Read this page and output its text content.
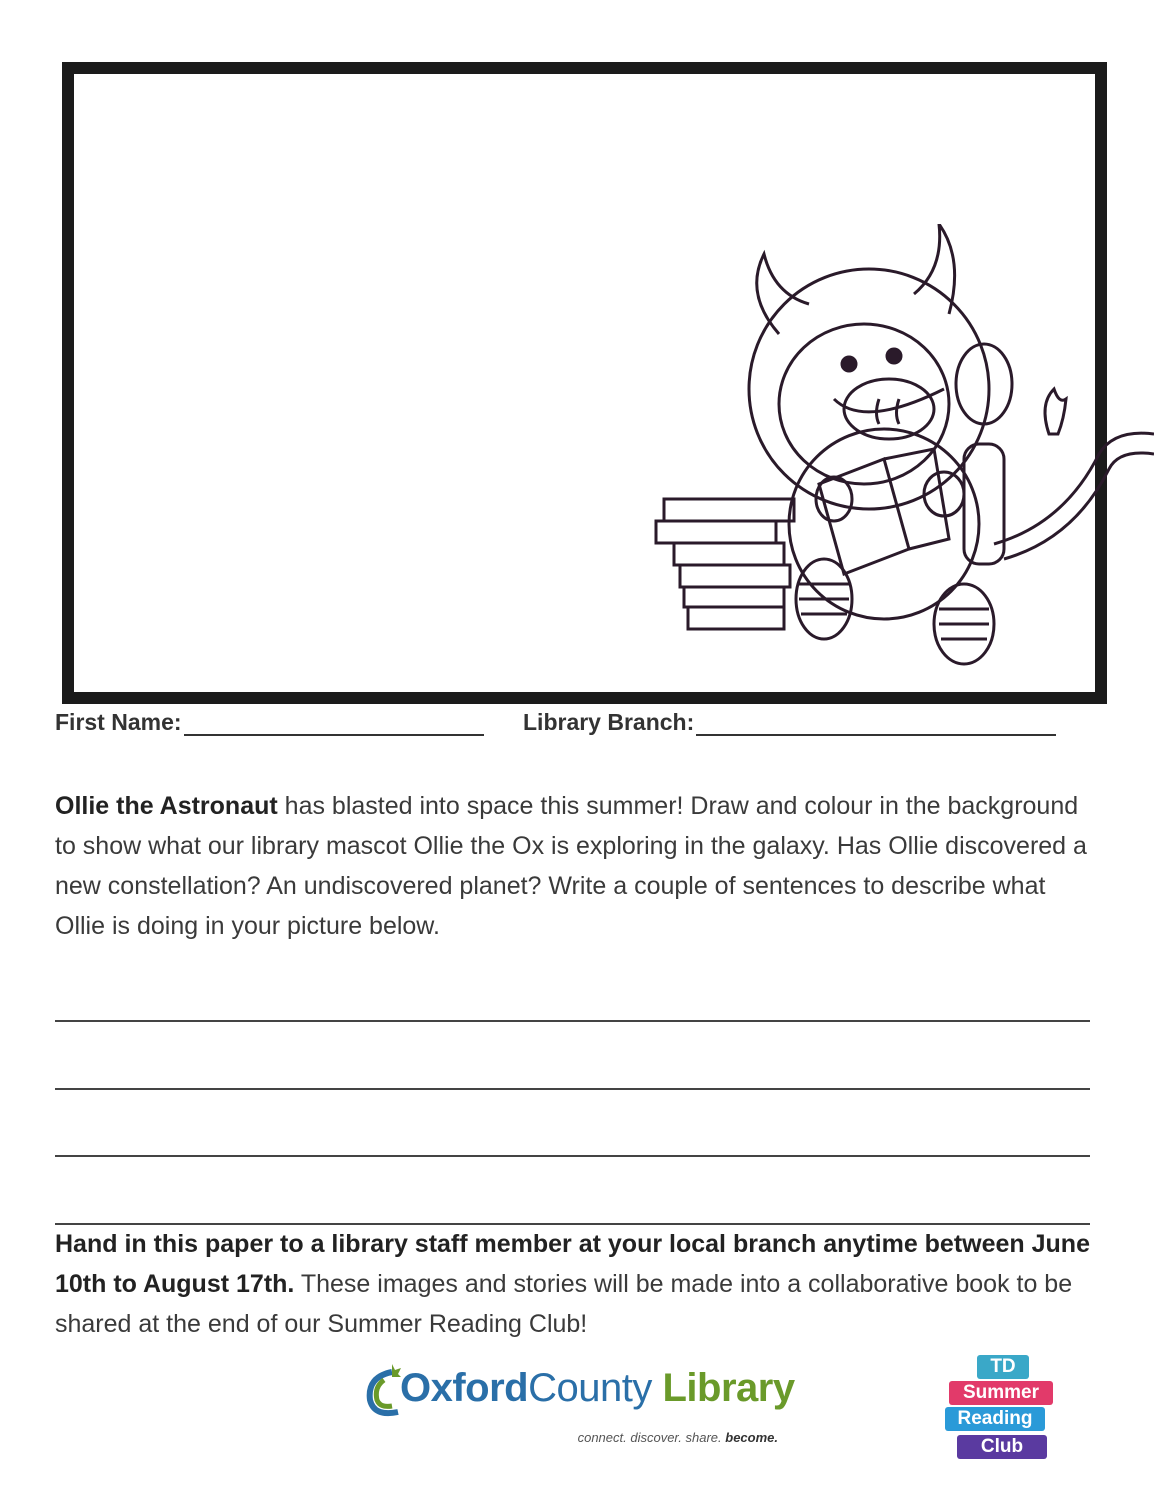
First Name:	Library Branch:
Ollie the Astronaut has blasted into space this summer! Draw and colour in the background to show what our library mascot Ollie the Ox is exploring in the galaxy. Has Ollie discovered a new constellation? An undiscovered planet? Write a couple of sentences to describe what Ollie is doing in your picture below.
Hand in this paper to a library staff member at your local branch anytime between June 10th to August 17th. These images and stories will be made into a collaborative book to be shared at the end of our Summer Reading Club!
OxfordCounty Library
connect. discover. share. become.
TD
Summer
Reading
Club
